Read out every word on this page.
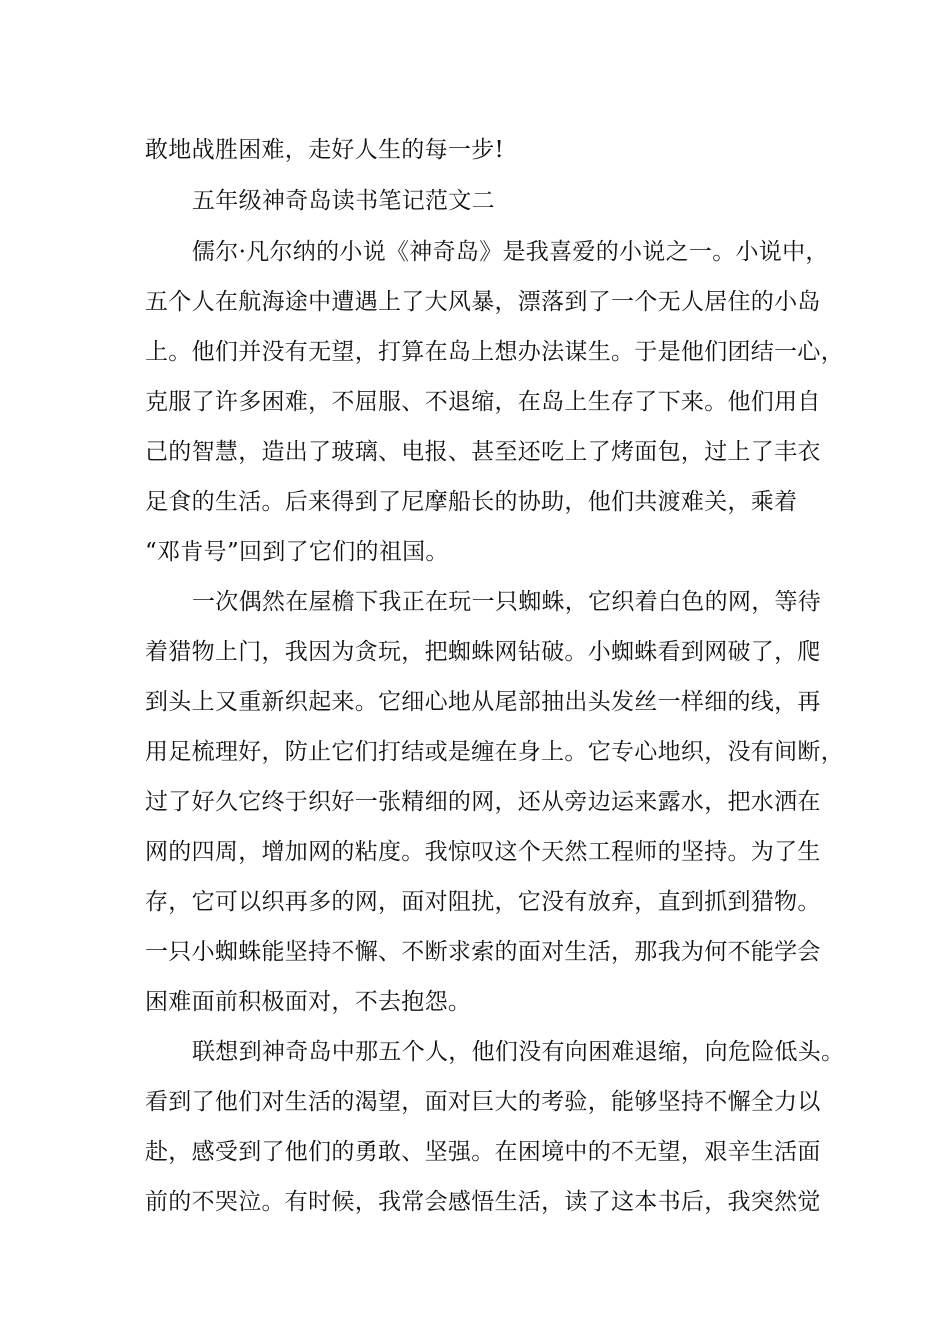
敢地战胜困难，走好人生的每一步!
五年级神奇岛读书笔记范文二
儒尔·凡尔纳的小说《神奇岛》是我喜爱的小说之一。小说中，
五个人在航海途中遭遇上了大风暴，漂落到了一个无人居住的小岛
上。他们并没有无望，打算在岛上想办法谋生。于是他们团结一心，
克服了许多困难，不屈服、不退缩，在岛上生存了下来。他们用自
己的智慧，造出了玻璃、电报、甚至还吃上了烤面包，过上了丰衣
足食的生活。后来得到了尼摩船长的协助，他们共渡难关，乘着
“邓肯号”回到了它们的祖国。
一次偶然在屋檐下我正在玩一只蜘蛛，它织着白色的网，等待
着猎物上门，我因为贪玩，把蜘蛛网钻破。小蜘蛛看到网破了，爬
到头上又重新织起来。它细心地从尾部抽出头发丝一样细的线，再
用足梳理好，防止它们打结或是缠在身上。它专心地织，没有间断，
过了好久它终于织好一张精细的网，还从旁边运来露水，把水洒在
网的四周，增加网的粘度。我惊叹这个天然工程师的坚持。为了生
存，它可以织再多的网，面对阻扰，它没有放弃，直到抓到猎物。
一只小蜘蛛能坚持不懈、不断求索的面对生活，那我为何不能学会
困难面前积极面对，不去抱怨。
联想到神奇岛中那五个人，他们没有向困难退缩，向危险低头。
看到了他们对生活的渴望，面对巨大的考验，能够坚持不懈全力以
赴，感受到了他们的勇敢、坚强。在困境中的不无望，艰辛生活面
前的不哭泣。有时候，我常会感悟生活，读了这本书后，我突然觉
